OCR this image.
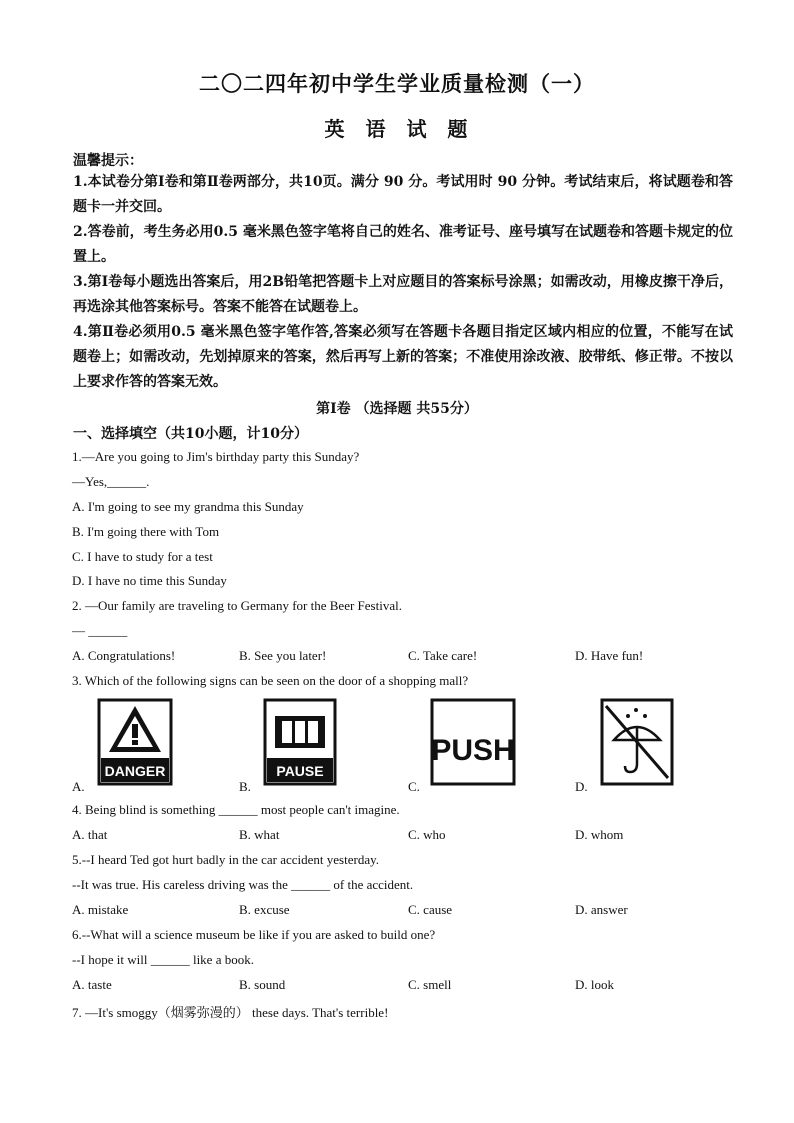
二〇二四年初中学生学业质量检测（一）
英 语 试 题
温馨提示：

1.本试卷分第Ⅰ卷和第Ⅱ卷两部分，共10页。满分 90 分。考试用时 90 分钟。考试结束后，将试题卷和答题卡一并交回。

2.答卷前，考生务必用0.5 毫米黑色签字笔将自己的姓名、准考证号、座号填写在试题卷和答题卡规定的位置上。

3.第Ⅰ卷每小题选出答案后，用2B铅笔把答题卡上对应题目的答案标号涂黑；如需改动，用橡皮擦干净后，再选涂其他答案标号。答案不能答在试题卷上。

4.第Ⅱ卷必须用0.5 毫米黑色签字笔作答,答案必须写在答题卡各题目指定区域内相应的位置，不能写在试题卷上；如需改动，先划掉原来的答案，然后再写上新的答案；不准使用涂改液、胶带纸、修正带。不按以上要求作答的答案无效。

第Ⅰ卷 （选择题 共55分）
一、选择填空（共10小题，计10分）
1.—Are you going to Jim's birthday party this Sunday?
—Yes,______.
A. I'm going to see my grandma this Sunday
B. I'm going there with Tom
C. I have to study for a test
D. I have no time this Sunday
2. —Our family are traveling to Germany for the Beer Festival.
— ______
A. Congratulations!	B. See you later!	C. Take care!	D. Have fun!
3. Which of the following signs can be seen on the door of a shopping mall?
DANGER	PAUSE
PUSH
A.	B.	C.	D.
4. Being blind is something ______ most people can't imagine.
A. that	B. what	C. who	D. whom
5.--I heard Ted got hurt badly in the car accident yesterday.
--It was true. His careless driving was the ______ of the accident.
A. mistake	B. excuse	C. cause	D. answer
6.--What will a science museum be like if you are asked to build one?
--I hope it will ______ like a book.
A. taste	B. sound	C. smell	D. look
7. —It's smoggy（烟雾弥漫的） these days. That's terrible!
